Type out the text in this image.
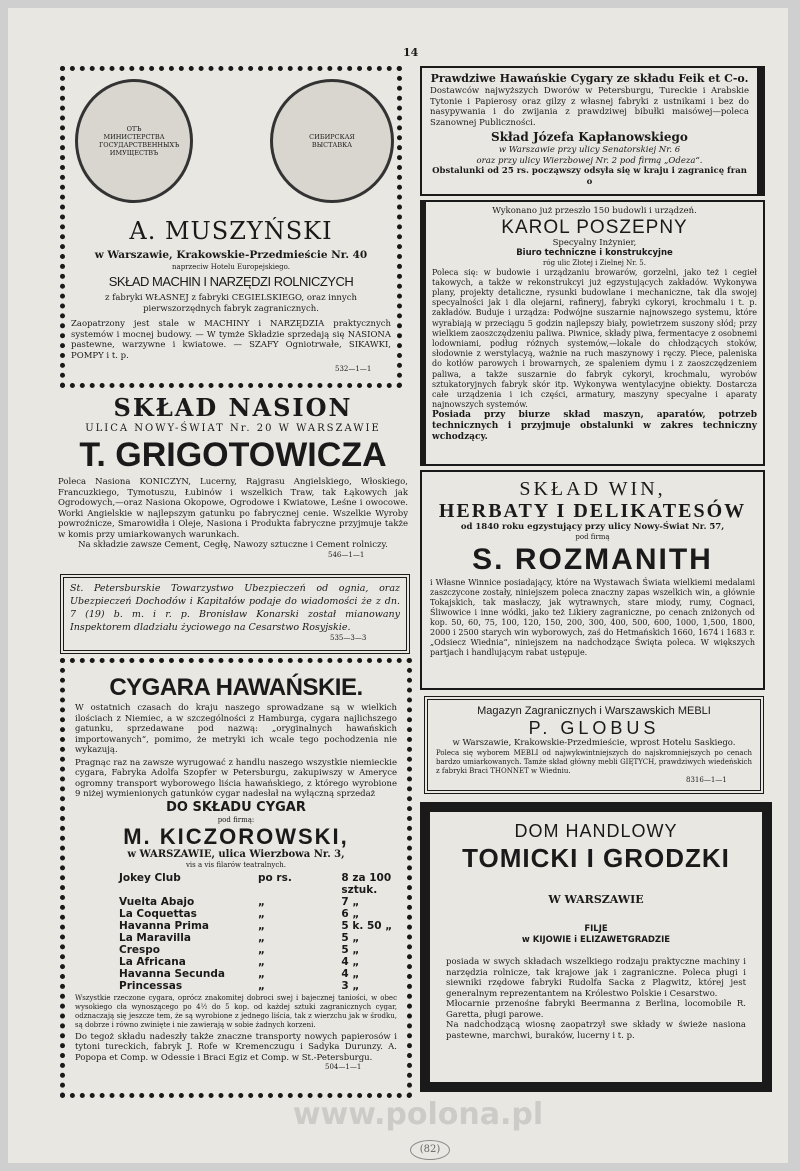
14
ОТЪ МИНИСТЕРСТВА ГОСУДАРСТВЕННЫХЪ ИМУЩЕСТВЪ
СИБИРСКАЯ ВЫСТАВКА
A. MUSZYŃSKI
w Warszawie, Krakowskie-Przedmieście Nr. 40
naprzeciw Hotelu Europejskiego.
SKŁAD MACHIN I NARZĘDZI ROLNICZYCH
z fabryki WŁASNEJ z fabryki CEGIELSKIEGO, oraz innych pierwszorzędnych fabryk zagranicznych.
Zaopatrzony jest stale w MACHINY i NARZĘDZIA praktycznych systemów i mocnej budowy. — W tymże Składzie sprzedają się NASIONA pastewne, warzywne i kwiatowe. — SZAFY Ogniotrwałe, SIKAWKI, POMPY i t. p.
532—1—1
SKŁAD NASION
ULICA NOWY-ŚWIAT Nr. 20 W WARSZAWIE
T. GRIGOTOWICZA
Poleca Nasiona KONICZYN, Lucerny, Rajgrasu Angielskiego, Włoskiego, Francuzkiego, Tymotuszu, Łubinów i wszelkich Traw, tak Łąkowych jak Ogrodowych,—oraz Nasiona Okopowe, Ogrodowe i Kwiatowe, Leśne i owocowe. Worki Angielskie w najlepszym gatunku po fabrycznej cenie. Wszelkie Wyroby powroźnicze, Smarowidła i Oleje, Nasiona i Produkta fabryczne przyjmuje także w komis przy umiarkowanych warunkach.
Na składzie zawsze Cement, Cegłę, Nawozy sztuczne i Cement rolniczy.
546—1—1
St. Petersburskie Towarzystwo Ubezpieczeń od ognia, oraz Ubezpieczeń Dochodów i Kapitałów podaje do wiadomości że z dn. 7 (19) b. m. i r. p. Bronisław Konarski został mianowany Inspektorem dladziału życiowego na Cesarstwo Rosyjskie.
535—3—3
CYGARA HAWAŃSKIE.
W ostatnich czasach do kraju naszego sprowadzane są w wielkich ilościach z Niemiec, a w szczególności z Hamburga, cygara najlichszego gatunku, sprzedawane pod nazwą: „oryginalnych hawańskich importowanych“, pomimo, że metryki ich wcale tego pochodzenia nie wykazują.
Pragnąc raz na zawsze wyrugować z handlu naszego wszystkie niemieckie cygara, Fabryka Adolfa Szopfer w Petersburgu, zakupiwszy w Ameryce ogromny transport wyborowego liścia hawańskiego, z którego wyrobione 9 niżej wymienionych gatunków cygar nadesłał na wyłączną sprzedaż
DO SKŁADU CYGAR
pod firmą:
M. KICZOROWSKI,
w WARSZAWIE, ulica Wierzbowa Nr. 3,
vis a vis filarów teatralnych.
Jokey Club	po rs.	8 za 100 sztuk.
Vuelta Abajo	„	7 „
La Coquettas	„	6 „
Havanna Prima	„	5 k. 50 „
La Maravilla	„	5 „
Crespo	„	5 „
La Africana	„	4 „
Havanna Secunda	„	4 „
Princessas	„	3 „
Wszystkie rzeczone cygara, oprócz znakomitej dobroci swej i bajecznej taniości, w obec wysokiego cła wynoszącego po 4½ do 5 kop. od każdej sztuki zagranicznych cygar, odznaczają się jeszcze tem, że są wyrobione z jednego liścia, tak z wierzchu jak w środku, są dobrze i równo zwinięte i nie zawierają w sobie żadnych korzeni.
Do tegoż składu nadeszły także znaczne transporty nowych papierosów i tytoni tureckich, fabryk J. Rofe w Kremenczugu i Sadyka Durunzy. A. Popopa et Comp. w Odessie i Braci Egiz et Comp. w St.-Petersburgu.
504—1—1
Prawdziwe Hawańskie Cygary ze składu Feik et C-o.
Dostawców najwyższych Dworów w Petersburgu, Tureckie i Arabskie Tytonie i Papierosy oraz gilzy z własnej fabryki z ustnikami i bez do nasypywania i do zwijania z prawdziwej bibułki maisówej—poleca Szanownej Publiczności.
Skład Józefa Kapłanowskiego
w Warszawie przy ulicy Senatorskiej Nr. 6
oraz przy ulicy Wierzbowej Nr. 2 pod firmą „Odeza“.
Obstalunki od 25 rs. począwszy odsyła się w kraju i zagranicę fran o
Wykonano już przeszło 150 budowli i urządzeń.
KAROL POSZEPNY
Specyalny Inżynier,
Biuro techniczne i konstrukcyjne
róg ulic Złotej i Zielnej Nr. 5.
Poleca się: w budowie i urządzaniu browarów, gorzelni, jako też i cegieł takowych, a także w rekonstrukcyi już egzystujących zakładów. Wykonywa plany, projekty detaliczne, rysunki budowlane i mechaniczne, tak dla swojej specyalności jak i dla olejarni, rafineryj, fabryki cykoryi, krochmalu i t. p. zakładów. Buduje i urządza: Podwójne suszarnie najnowszego systemu, które wyrabiają w przeciągu 5 godzin najlepszy biały, powietrzem suszony słód; przy wielkiem zaoszczędzeniu paliwa. Piwnice, składy piwa, fermentacye z osobnemi lodowniami, podług różnych systemów,—lokale do chłodzących stoków, słodownie z werstylacyą, ważnie na ruch maszynowy i ręczy. Piece, paleniska do kotłów parowych i browarnych, ze spaleniem dymu i z zaoszczędzeniem paliwa, a także suszarnie do fabryk cykoryi, krochmalu, wyrobów sztukatoryjnych fabryk skór itp. Wykonywa wentylacyjne obiekty. Dostarcza całe urządzenia i ich części, armatury, maszyny specyalne i aparaty najnowszych systemów.
Posiada przy biurze skład maszyn, aparatów, potrzeb technicznych i przyjmuje obstalunki w zakres techniczny wchodzący.
SKŁAD WIN,
HERBATY I DELIKATESÓW
od 1840 roku egzystujący przy ulicy Nowy-Świat Nr. 57,
pod firmą
S. ROZMANITH
i Własne Winnice posiadający, które na Wystawach Świata wielkiemi medalami zaszczycone zostały, niniejszem poleca znaczny zapas wszelkich win, a głównie Tokajskich, tak masłaczy, jak wytrawnych, stare miody, rumy, Cognaci, Śliwowice i inne wódki, jako też Likiery zagraniczne, po cenach zniżonych od kop. 50, 60, 75, 100, 120, 150, 200, 300, 400, 500, 600, 1000, 1,500, 1800, 2000 i 2500 starych win wyborowych, zaś do Hetmańskich 1660, 1674 i 1683 r. „Odsiecz Wiednia“, niniejszem na nadchodzące Święta poleca. W większych partjach i handlującym rabat ustępuje.
Magazyn Zagranicznych i Warszawskich MEBLI
P. GLOBUS
w Warszawie, Krakowskie-Przedmieście, wprost Hotelu Saskiego.
Poleca się wyborem MEBLI od najwykwintniejszych do najskromniejszych po cenach bardzo umiarkowanych. Tamże skład główny mebli GIĘTYCH, prawdziwych wiedeńskich z fabryki Braci THONNET w Wiedniu.
8316—1—1
DOM HANDLOWY
TOMICKI I GRODZKI
W WARSZAWIE
FILJE
w KIJOWIE i ELIZAWETGRADZIE
posiada w swych składach wszelkiego rodzaju praktyczne machiny i narzędzia rolnicze, tak krajowe jak i zagraniczne. Poleca pługi i siewniki rzędowe fabryki Rudolfa Sacka z Plagwitz, której jest generalnym reprezentantem na Królestwo Polskie i Cesarstwo.
Młocarnie przenośne fabryki Beermanna z Berlina, locomobile R. Garetta, pługi parowe.
Na nadchodzącą wiosnę zaopatrzył swe składy w świeże nasiona pastewne, marchwi, buraków, lucerny i t. p.
(82)
www.polona.pl
